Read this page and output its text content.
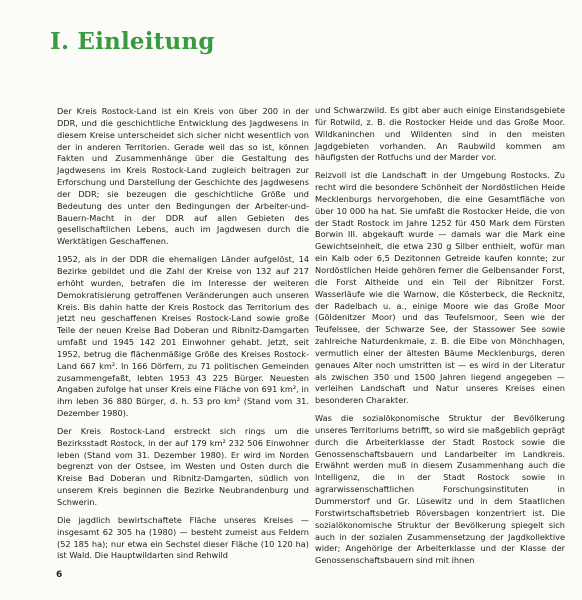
I. Einleitung

Der Kreis Rostock-Land ist ein Kreis von über 200 in der DDR, und die geschichtliche Entwicklung des Jagdwesens in diesem Kreise unterscheidet sich sicher nicht wesentlich von der in anderen Territorien. Gerade weil das so ist, können Fakten und Zusammenhänge über die Gestaltung des Jagdwesens im Kreis Rostock-Land zugleich beitragen zur Erforschung und Darstellung der Geschichte des Jagdwesens der DDR; sie bezeugen die geschichtliche Größe und Bedeutung des unter den Bedingungen der Arbeiter-und-Bauern-Macht in der DDR auf allen Gebieten des gesellschaftlichen Lebens, auch im Jagdwesen durch die Werktätigen Geschaffenen.

1952, als in der DDR die ehemaligen Länder aufgelöst, 14 Bezirke gebildet und die Zahl der Kreise von 132 auf 217 erhöht wurden, betrafen die im Interesse der weiteren Demokratisierung getroffenen Veränderungen auch unseren Kreis. Bis dahin hatte der Kreis Rostock das Territorium des jetzt neu geschaffenen Kreises Rostock-Land sowie große Teile der neuen Kreise Bad Doberan und Ribnitz-Damgarten umfaßt und 1945 142 201 Einwohner gehabt. Jetzt, seit 1952, betrug die flächenmäßige Größe des Kreises Rostock-Land 667 km². In 166 Dörfern, zu 71 politischen Gemeinden zusammengefaßt, lebten 1953 43 225 Bürger. Neuesten Angaben zufolge hat unser Kreis eine Fläche von 691 km², in ihm leben 36 880 Bürger, d. h. 53 pro km² (Stand vom 31. Dezember 1980).

Der Kreis Rostock-Land erstreckt sich rings um die Bezirksstadt Rostock, in der auf 179 km² 232 506 Einwohner leben (Stand vom 31. Dezember 1980). Er wird im Norden begrenzt von der Ostsee, im Westen und Osten durch die Kreise Bad Doberan und Ribnitz-Damgarten, südlich von unserem Kreis beginnen die Bezirke Neubrandenburg und Schwerin.

Die jagdlich bewirtschaftete Fläche unseres Kreises — insgesamt 62 305 ha (1980) — besteht zumeist aus Feldern (52 185 ha); nur etwa ein Sechstel dieser Fläche (10 120 ha) ist Wald. Die Hauptwildarten sind Rehwild

und Schwarzwild. Es gibt aber auch einige Einstandsgebiete für Rotwild, z. B. die Rostocker Heide und das Große Moor. Wildkaninchen und Wildenten sind in den meisten Jagdgebieten vorhanden. An Raubwild kommen am häufigsten der Rotfuchs und der Marder vor.

Reizvoll ist die Landschaft in der Umgebung Rostocks. Zu recht wird die besondere Schönheit der Nordöstlichen Heide Mecklenburgs hervorgehoben, die eine Gesamtfläche von über 10 000 ha hat. Sie umfaßt die Rostocker Heide, die von der Stadt Rostock im Jahre 1252 für 450 Mark dem Fürsten Borwin III. abgekauft wurde — damals war die Mark eine Gewichtseinheit, die etwa 230 g Silber enthielt, wofür man ein Kalb oder 6,5 Dezitonnen Getreide kaufen konnte; zur Nordöstlichen Heide gehören ferner die Gelbensander Forst, die Forst Altheide und ein Teil der Ribnitzer Forst. Wasserläufe wie die Warnow, die Kösterbeck, die Recknitz, der Radelbach u. a., einige Moore wie das Große Moor (Göldenitzer Moor) und das Teufelsmoor, Seen wie der Teufelssee, der Schwarze See, der Stassower See sowie zahlreiche Naturdenkmale, z. B. die Eibe von Mönchhagen, vermutlich einer der ältesten Bäume Mecklenburgs, deren genaues Alter noch umstritten ist — es wird in der Literatur als zwischen 350 und 1500 Jahren liegend angegeben — verleihen Landschaft und Natur unseres Kreises einen besonderen Charakter.

Was die sozialökonomische Struktur der Bevölkerung unseres Territoriums betrifft, so wird sie maßgeblich geprägt durch die Arbeiterklasse der Stadt Rostock sowie die Genossenschaftsbauern und Landarbeiter im Landkreis. Erwähnt werden muß in diesem Zusammenhang auch die Intelligenz, die in der Stadt Rostock sowie in agrarwissenschaftlichen Forschungsinstituten in Dummerstorf und Gr. Lüsewitz und in dem Staatlichen Forstwirtschaftsbetrieb Röversbagen konzentriert ist. Die sozialökonomische Struktur der Bevölkerung spiegelt sich auch in der sozialen Zusammensetzung der Jagdkollektive wider; Angehörige der Arbeiterklasse und der Klasse der Genossenschaftsbauern sind mit ihnen

6
